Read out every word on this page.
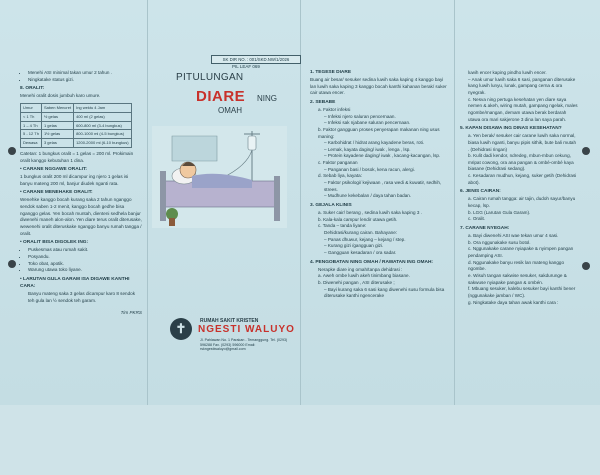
• Menehi ASI minimal takan umur 2 tahun .
• Ningkatake status gizi.
8. ORALIT:
Menehi oralit dosis jumbuh karo umure.
Umur	Saben Mencret	Ing wektu 4 Jam
< 1 Th	½ gelas	400 ml (2 gelas)
1 – 4 Th	1 gelas	600-800 ml (3-4 bungkus)
5 - 12 Th	1½ gelas	800-1000 ml (4-5 bungkus)
Dewasa	3 gelas	1200-2000 ml (6-10 bungkus)
Catetan: 1 bungkus oralit = 1 gelas = 200 ml. Prokimain oralit kanggo kebutuhan 1 dina.
• CARANE NGGAWE ORALIT:
1 bungkus oralit 200 ml dicampur ing njero 1 gelas isi banyu mateng 200 ml, banjur diudek nganti rata.
• CARANE MENEHAKE ORALIT:
Wenehke kanggo bocah kurang saka 2 tahun nganggo sendok saben 1-2 menit, kanggo bocah gedhe bisa nganggo gelas. Yen bocah muntah, dienteni sedhela banjur diwenehi maneh alon-alon. Yen diare terus oralit diterusake, wewenehi oralit diteruskake nganggo banyu rumah tangga / oralit.
• ORALIT BISA DIGOLEK ING:
• Puskesmas atau rumah sakit.
• Posyandu.
• Toko obat, apotik.
• Warung utawa toko liyane.
• LARUTAN GULA GARAM ISA DIGAWE KANTHI CARA:
Banyu mateng saka 3 gelas dicampur karo 8 sendok teh gula lan ½ sendok teh garam.
Tim PKRS
SK DIR NO. : 001/SKD.NW/1/2026
PIL LEAF 069
PITULUNGAN
DIARE NING
OMAH
✝	RUMAH SAKIT KRISTEN
NGESTI WALUYO
Jl. Pahlawan No. 1 Parakan - Temanggung. Tel. (0293) 596288 Fax. (0293) 596000 Email: rskngestiwaluyo@gmail.com
1. TEGESE DIARE
Buang air besar/ sesuker sedina luwih saka kaping 4 kanggo bayi lan luwih saka kaping 3 kanggo bocah kanthi kahanan berak/ suker cair utawa encer.
2. SEBABE
a. Faktor infeksi
– Infeksi njero saluran pencernaan.
– Infeksi sak njabane saluran pencernaan.
b. Faktor gangguan proses penyerapan makanan ning usus maning:
– Karbohidrat / hidrat arang kayadene beras, roti.
– Lemak, kayata daging/ iwak , lenga , lsp.
– Protein kayadene daging/ iwak , kacang-kacangan, lsp.
c. Faktor panganan
– Panganan basi / bosok, kena racun, alergi.
d. Sebab liya, kayata:
– Faktor psikologi/ kejiwaan , rasa wedi & kuwatir, sedhih, strees.
– Mudhune kekebalan / daya tahan badan.
3. GEJALA KLINIS
a. Suker cair/ berang , sedina luwih saka kaping 3 .
b. Kala-kala campur lendir utawa getih.
c. Tanda – tanda liyane:
Dehidrasi/kurang cairan. Bahayane:
– Panas dhuwur, kejang – kejang / step.
– Kurang gizi /gangguan gizi.
– Gangguan kesadaran / ora sadar.
4. PENGOBATAN NING OMAH / RAWATAN ING OMAH:
Nerapke diare ing omah/tanpa dehidrasi :
a. Aweh ombe luwih akeh tinimbang biasane.
b. Diwenehi pangan , ASI diterusake ;
– Bayi kurang saka 6 sasi kang diwenehi susu formula bisa diterusake kanthi ngencerake
luwih encer kaping pindho luwih encer.
– Anak umur luwih saka 6 sasi, panganan diterusake kang luwih lunyu, lunak, gampang cerna & ora nyegrak.
c. Nesva ning pertuga kesehatan yen diare saya nemen & akeh, wiring mutah, gampang ngelak, males ngombe/mangan, demam utawa berak berdarah utawa ora mari sakjerone 3 dina lan saya parah.
5. KAPAN DISAWA ING DINAS KESEHATAN?
a. Yen berak/ sesuker cair carane luwih saka normal, biasa luwih nganti, banyu pipis sithik, bute bali mutah . (Dehidrasi ringan)
b. Kulit dadi kendor, ndredeg, mbun-mbun cekung, mripat cowong, ora ana pangan & ombé-ombé kaya biasane (Dehidrasi sedang).
c. Kesadaran mudhun, kejang, suker getih (Dehidrasi abot).
6. JENIS CAIRAN:
a. Cairan rumah tangga: air tajin, dudoh sayur/banyu kecap, lsp.
b. LGG (Larutan Gula Garam).
c. Oralit.
7. CARANE NYEGAH:
a. Bayi diwenehi ASI wae tekan umur 4 sasi.
b. Ora nggunakake susu botol.
c. Nggunakake carane nyiapake & nyimpen pangan pendamping ASI.
d. Nggunakake banyu resik lan mateng kanggo ngombe.
e. Wisuh tangan sakwise sesuker, sakdurunge & sakwuse nyiapake pangan & ombén.
f. Mbuang sesuker, kalebu sesuker bayi kanthi bener (nggunakake jamban / WC).
g. Ningkatake daya tahan awak kanthi cara :
